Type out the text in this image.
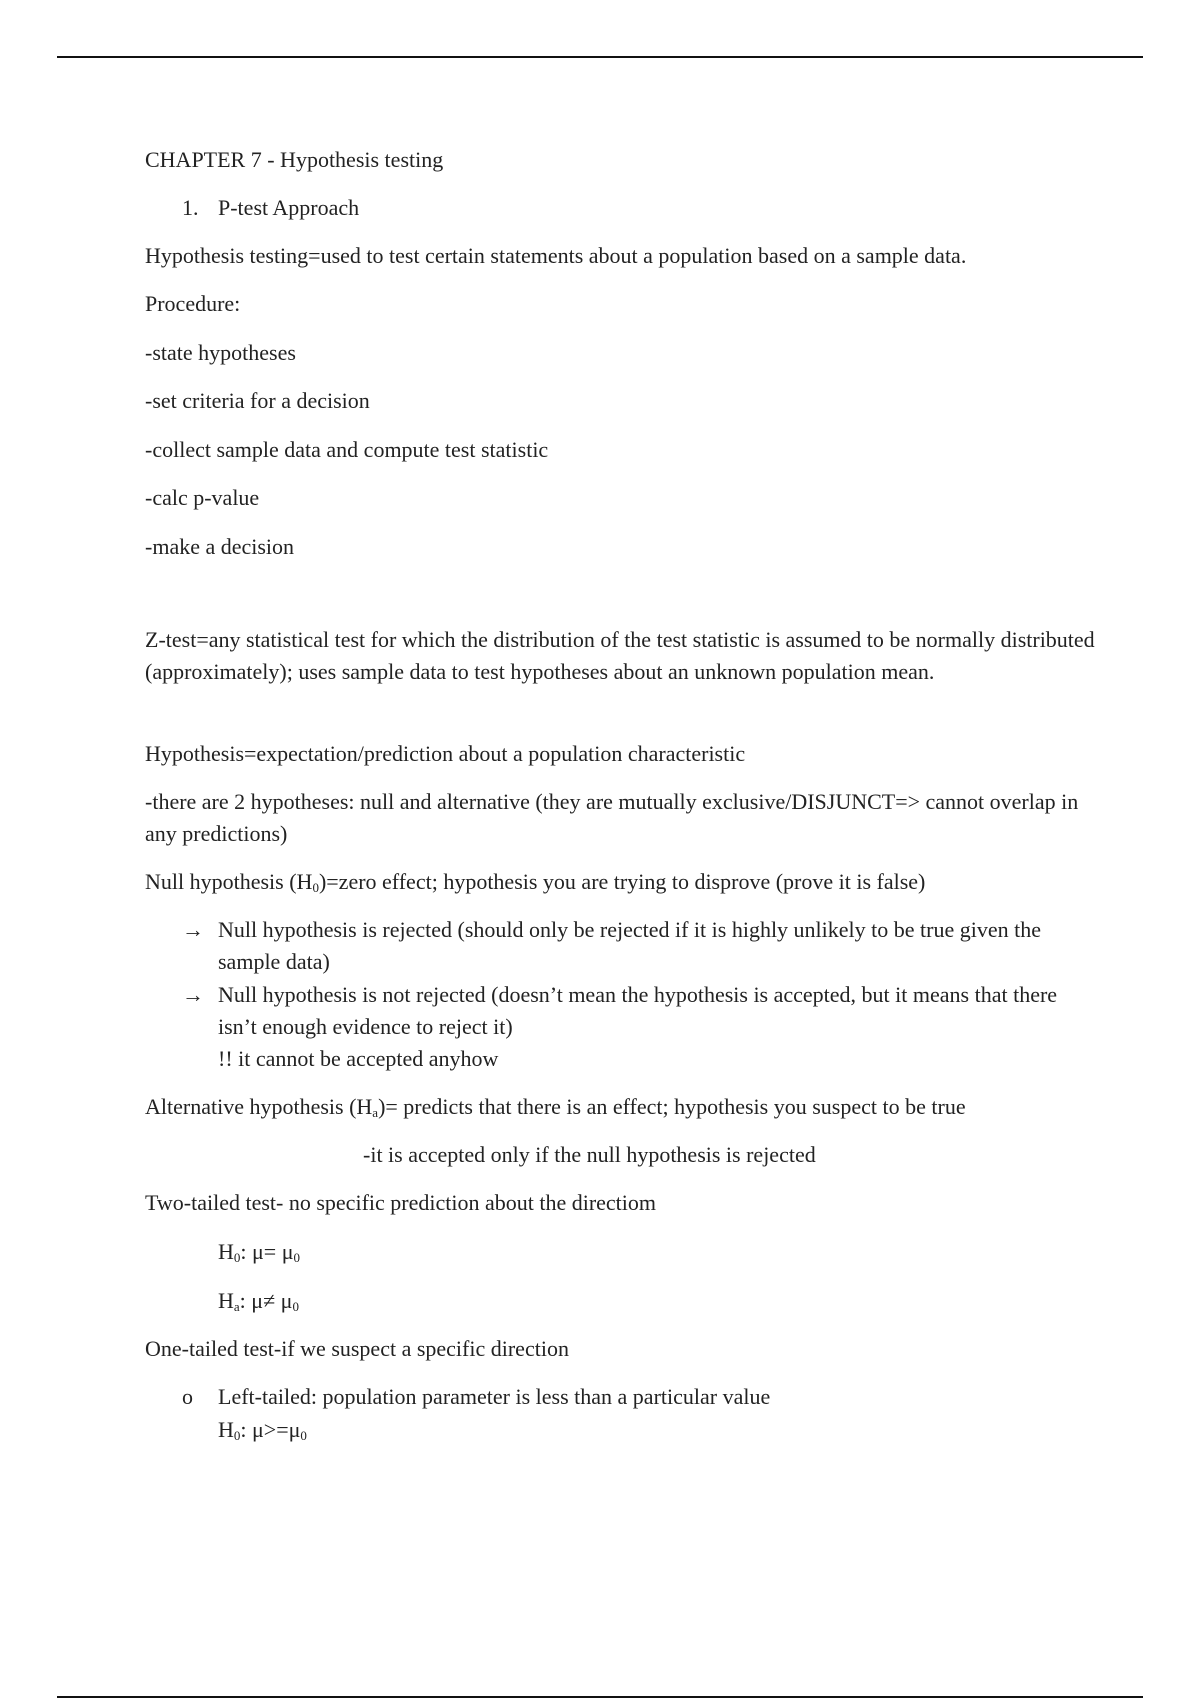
CHAPTER 7 - Hypothesis testing
1. P-test Approach
Hypothesis testing=used to test certain statements about a population based on a sample data.
Procedure:
-state hypotheses
-set criteria for a decision
-collect sample data and compute test statistic
-calc p-value
-make a decision
Z-test=any statistical test for which the distribution of the test statistic is assumed to be normally distributed (approximately); uses sample data to test hypotheses about an unknown population mean.
Hypothesis=expectation/prediction about a population characteristic
-there are 2 hypotheses: null and alternative (they are mutually exclusive/DISJUNCT=> cannot overlap in any predictions)
Null hypothesis $(H_0)=zero$ effect; hypothesis you are trying to disprove (prove it is false)
→ Null hypothesis is rejected (should only be rejected if it is highly unlikely to be true given the sample data)
→ Null hypothesis is not rejected (doesn’t mean the hypothesis is accepted, but it means that there isn’t enough evidence to reject it)
!! it cannot be accepted anyhow
Alternative hypothesis $(H_a)=$ predicts that there is an effect; hypothesis you suspect to be true
-it is accepted only if the null hypothesis is rejected
Two-tailed test- no specific prediction about the directiom
$H_0$: $\mu= \mu_0$
$H_a$: $\mu\ne \mu_0$
One-tailed test-if we suspect a specific direction
o Left-tailed: population parameter is less than a particular value
$H_0$: $\mu>=\mu_0$
